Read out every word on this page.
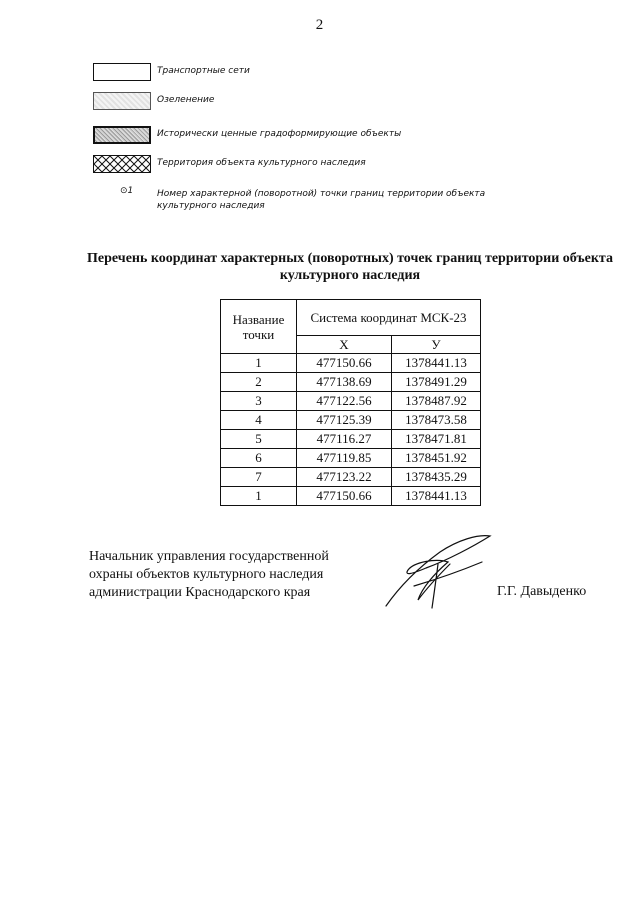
2
Транспортные сети
Озеленение
Исторически ценные градоформирующие объекты
Территория объекта культурного наследия
⊙1	Номер характерной (поворотной) точки границ территории объекта культурного наследия
Перечень координат характерных (поворотных) точек границ территории объекта культурного наследия
Название точки	Система координат МСК-23	
	Х	У
1	477150.66	1378441.13
2	477138.69	1378491.29
3	477122.56	1378487.92
4	477125.39	1378473.58
5	477116.27	1378471.81
6	477119.85	1378451.92
7	477123.22	1378435.29
1	477150.66	1378441.13
Начальник управления государственной
охраны объектов культурного наследия
администрации Краснодарского края	Г.Г. Давыденко
